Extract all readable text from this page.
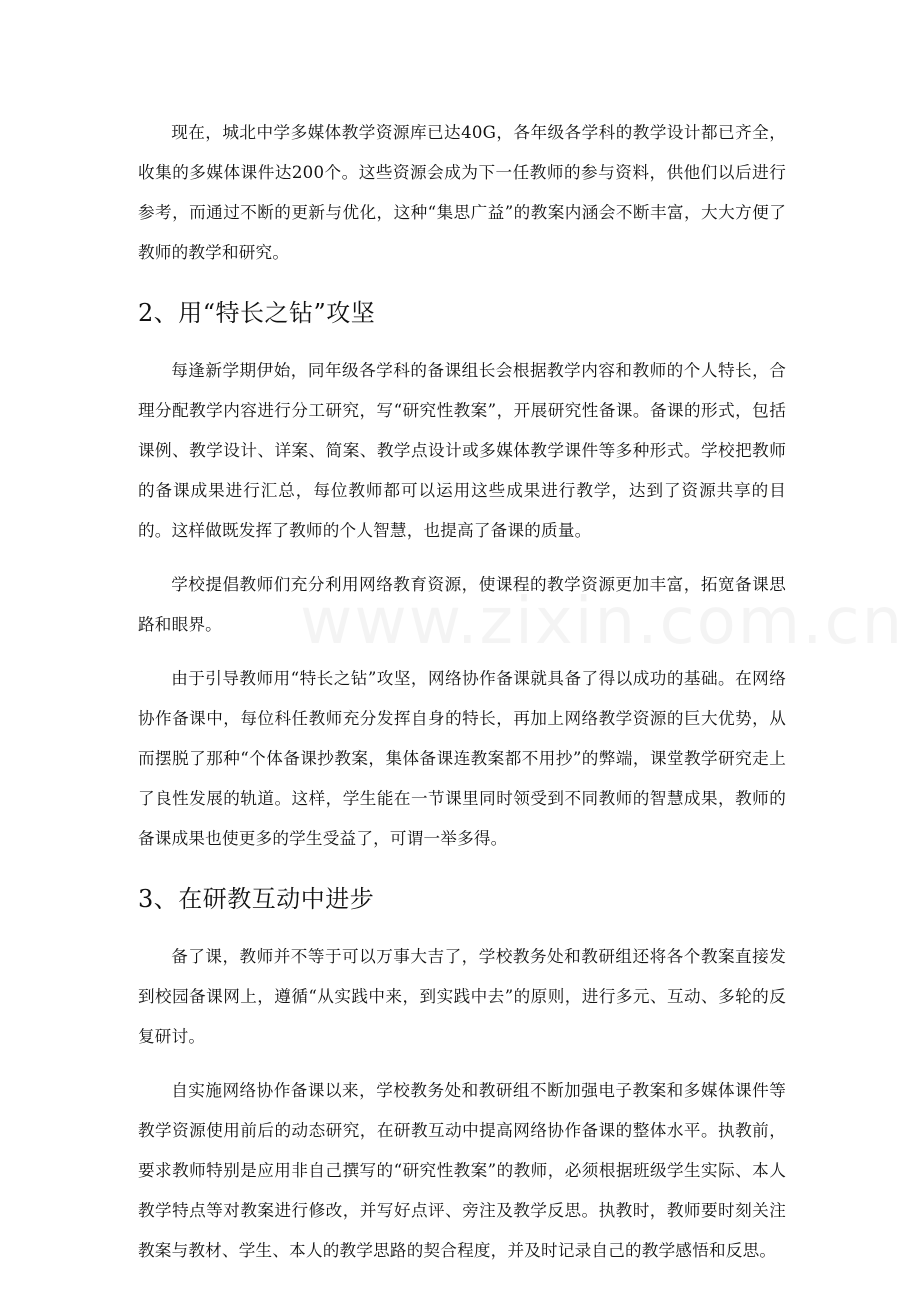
现在，城北中学多媒体教学资源库已达40G，各年级各学科的教学设计都已齐全，收集的多媒体课件达200个。这些资源会成为下一任教师的参与资料，供他们以后进行参考，而通过不断的更新与优化，这种“集思广益”的教案内涵会不断丰富，大大方便了教师的教学和研究。

2、用“特长之钻”攻坚

每逢新学期伊始，同年级各学科的备课组长会根据教学内容和教师的个人特长，合理分配教学内容进行分工研究，写“研究性教案”，开展研究性备课。备课的形式，包括课例、教学设计、详案、简案、教学点设计或多媒体教学课件等多种形式。学校把教师的备课成果进行汇总，每位教师都可以运用这些成果进行教学，达到了资源共享的目的。这样做既发挥了教师的个人智慧，也提高了备课的质量。

学校提倡教师们充分利用网络教育资源，使课程的教学资源更加丰富，拓宽备课思路和眼界。

由于引导教师用“特长之钻”攻坚，网络协作备课就具备了得以成功的基础。在网络协作备课中，每位科任教师充分发挥自身的特长，再加上网络教学资源的巨大优势，从而摆脱了那种“个体备课抄教案，集体备课连教案都不用抄”的弊端，课堂教学研究走上了良性发展的轨道。这样，学生能在一节课里同时领受到不同教师的智慧成果，教师的备课成果也使更多的学生受益了，可谓一举多得。

3、在研教互动中进步

备了课，教师并不等于可以万事大吉了，学校教务处和教研组还将各个教案直接发到校园备课网上，遵循“从实践中来，到实践中去”的原则，进行多元、互动、多轮的反复研讨。

自实施网络协作备课以来，学校教务处和教研组不断加强电子教案和多媒体课件等教学资源使用前后的动态研究，在研教互动中提高网络协作备课的整体水平。执教前，要求教师特别是应用非自己撰写的“研究性教案”的教师，必须根据班级学生实际、本人教学特点等对教案进行修改，并写好点评、旁注及教学反思。执教时，教师要时刻关注教案与教材、学生、本人的教学思路的契合程度，并及时记录自己的教学感悟和反思。
